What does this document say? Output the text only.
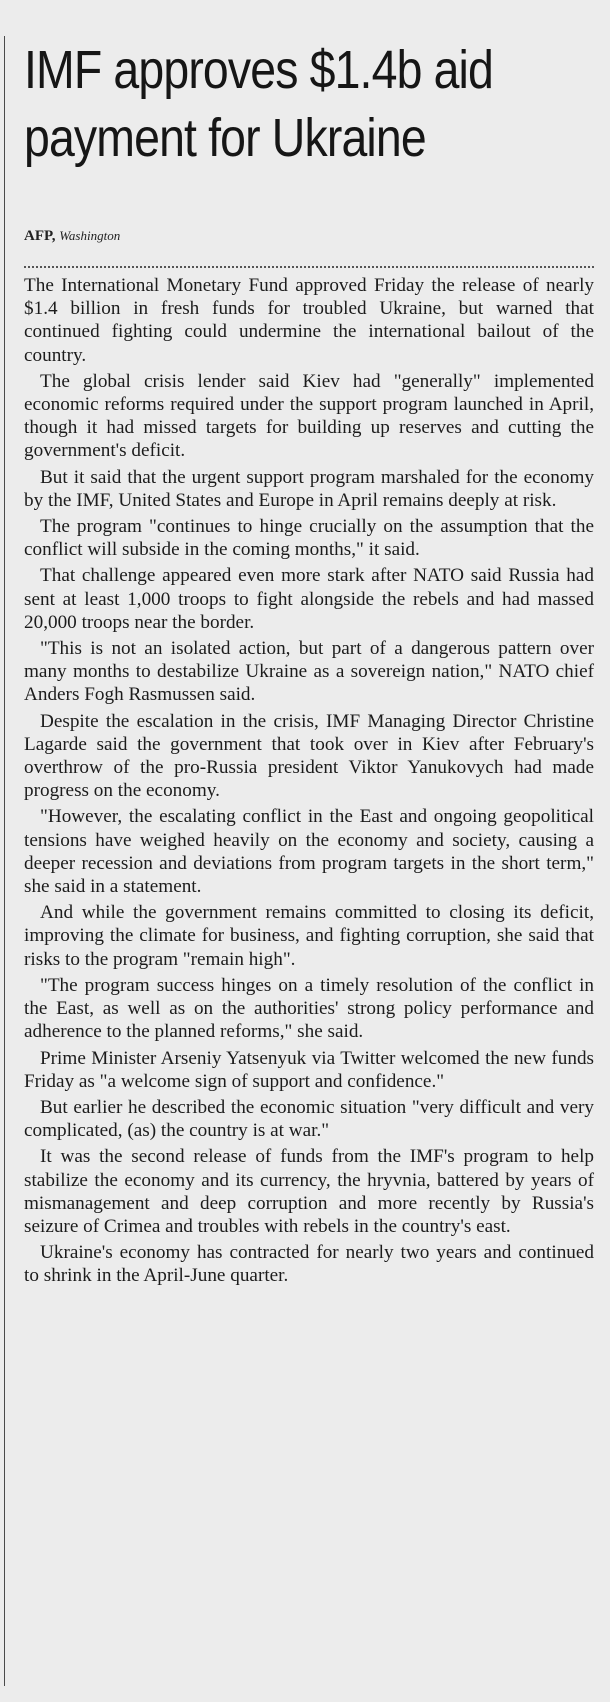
IMF approves $1.4b aid payment for Ukraine
AFP, Washington

The International Monetary Fund approved Friday the release of nearly $1.4 billion in fresh funds for troubled Ukraine, but warned that continued fighting could undermine the international bailout of the country.

The global crisis lender said Kiev had "generally" implemented economic reforms required under the support program launched in April, though it had missed targets for building up reserves and cutting the government's deficit.

But it said that the urgent support program marshaled for the economy by the IMF, United States and Europe in April remains deeply at risk.

The program "continues to hinge crucially on the assumption that the conflict will subside in the coming months," it said.

That challenge appeared even more stark after NATO said Russia had sent at least 1,000 troops to fight alongside the rebels and had massed 20,000 troops near the border.

"This is not an isolated action, but part of a dangerous pattern over many months to destabilize Ukraine as a sovereign nation," NATO chief Anders Fogh Rasmussen said.

Despite the escalation in the crisis, IMF Managing Director Christine Lagarde said the government that took over in Kiev after February's overthrow of the pro-Russia president Viktor Yanukovych had made progress on the economy.

"However, the escalating conflict in the East and ongoing geopolitical tensions have weighed heavily on the economy and society, causing a deeper recession and deviations from program targets in the short term," she said in a statement.

And while the government remains committed to closing its deficit, improving the climate for business, and fighting corruption, she said that risks to the program "remain high".

"The program success hinges on a timely resolution of the conflict in the East, as well as on the authorities' strong policy performance and adherence to the planned reforms," she said.

Prime Minister Arseniy Yatsenyuk via Twitter welcomed the new funds Friday as "a welcome sign of support and confidence."

But earlier he described the economic situation "very difficult and very complicated, (as) the country is at war."

It was the second release of funds from the IMF's program to help stabilize the economy and its currency, the hryvnia, battered by years of mismanagement and deep corruption and more recently by Russia's seizure of Crimea and troubles with rebels in the country's east.

Ukraine's economy has contracted for nearly two years and continued to shrink in the April-June quarter.
